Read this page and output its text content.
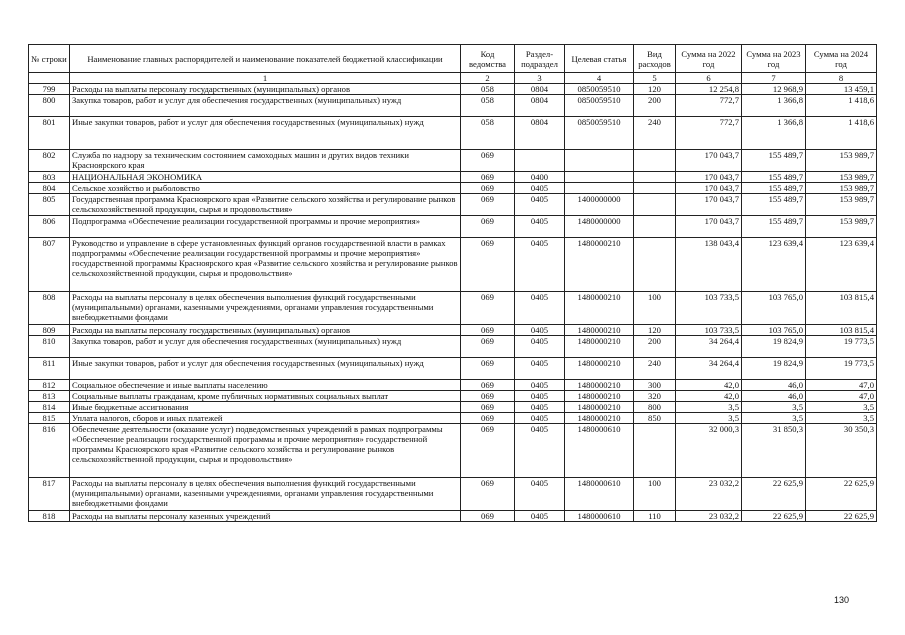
№ строки	Наименование главных распорядителей и наименование показателей бюджетной классификации	Код ведомства	Раздел-подраздел	Целевая статья	Вид расходов	Сумма на 2022 год	Сумма на 2023 год	Сумма на 2024 год
	1	2	3	4	5	6	7	8
799	Расходы на выплаты персоналу государственных (муниципальных) органов	058	0804	0850059510	120	12 254,8	12 968,9	13 459,1
800	Закупка товаров, работ и услуг для обеспечения государственных (муниципальных) нужд	058	0804	0850059510	200	772,7	1 366,8	1 418,6
801	Иные закупки товаров, работ и услуг для обеспечения государственных (муниципальных) нужд	058	0804	0850059510	240	772,7	1 366,8	1 418,6
802	Служба по надзору за техническим состоянием самоходных машин и других видов техники Красноярского края	069				170 043,7	155 489,7	153 989,7
803	НАЦИОНАЛЬНАЯ ЭКОНОМИКА	069	0400			170 043,7	155 489,7	153 989,7
804	Сельское хозяйство и рыболовство	069	0405			170 043,7	155 489,7	153 989,7
805	Государственная программа Красноярского края «Развитие сельского хозяйства и регулирование рынков сельскохозяйственной продукции, сырья и продовольствия»	069	0405	1400000000		170 043,7	155 489,7	153 989,7
806	Подпрограмма «Обеспечение реализации государственной программы и прочие мероприятия»	069	0405	1480000000		170 043,7	155 489,7	153 989,7
807	Руководство и управление в сфере установленных функций органов государственной власти в рамках подпрограммы «Обеспечение реализации государственной программы и прочие мероприятия» государственной программы Красноярского края «Развитие сельского хозяйства и регулирование рынков сельскохозяйственной продукции, сырья и продовольствия»	069	0405	1480000210		138 043,4	123 639,4	123 639,4
808	Расходы на выплаты персоналу в целях обеспечения выполнения функций государственными (муниципальными) органами, казенными учреждениями, органами управления государственными внебюджетными фондами	069	0405	1480000210	100	103 733,5	103 765,0	103 815,4
809	Расходы на выплаты персоналу государственных (муниципальных) органов	069	0405	1480000210	120	103 733,5	103 765,0	103 815,4
810	Закупка товаров, работ и услуг для обеспечения государственных (муниципальных) нужд	069	0405	1480000210	200	34 264,4	19 824,9	19 773,5
811	Иные закупки товаров, работ и услуг для обеспечения государственных (муниципальных) нужд	069	0405	1480000210	240	34 264,4	19 824,9	19 773,5
812	Социальное обеспечение и иные выплаты населению	069	0405	1480000210	300	42,0	46,0	47,0
813	Социальные выплаты гражданам, кроме публичных нормативных социальных выплат	069	0405	1480000210	320	42,0	46,0	47,0
814	Иные бюджетные ассигнования	069	0405	1480000210	800	3,5	3,5	3,5
815	Уплата налогов, сборов и иных платежей	069	0405	1480000210	850	3,5	3,5	3,5
816	Обеспечение деятельности (оказание услуг) подведомственных учреждений в рамках подпрограммы «Обеспечение реализации государственной программы и прочие мероприятия» государственной программы Красноярского края «Развитие сельского хозяйства и регулирование рынков сельскохозяйственной продукции, сырья и продовольствия»	069	0405	1480000610		32 000,3	31 850,3	30 350,3
817	Расходы на выплаты персоналу в целях обеспечения выполнения функций государственными (муниципальными) органами, казенными учреждениями, органами управления государственными внебюджетными фондами	069	0405	1480000610	100	23 032,2	22 625,9	22 625,9
818	Расходы на выплаты персоналу казенных учреждений	069	0405	1480000610	110	23 032,2	22 625,9	22 625,9
130
